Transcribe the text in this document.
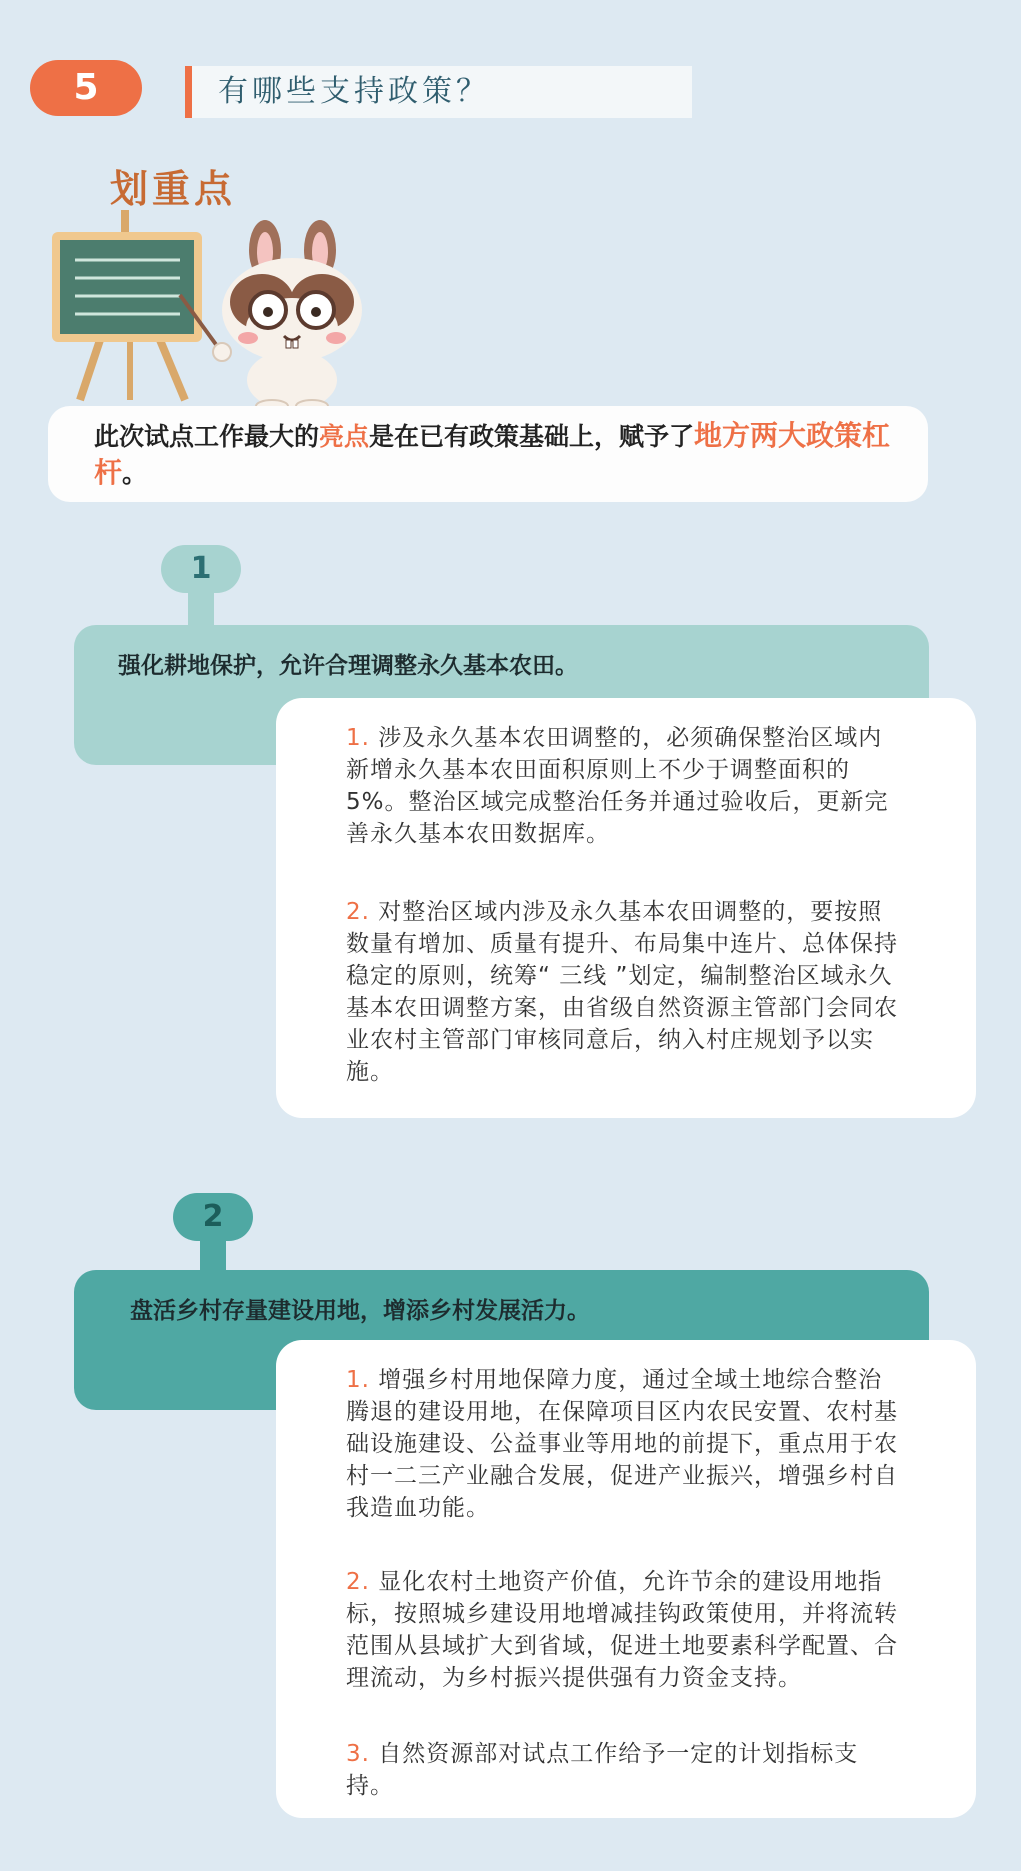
5	有哪些支持政策？
划重点
此次试点工作最大的亮点是在已有政策基础上，赋予了地方两大政策杠杆。
1
强化耕地保护，允许合理调整永久基本农田。
1. 涉及永久基本农田调整的，必须确保整治区域内新增永久基本农田面积原则上不少于调整面积的 5%。整治区域完成整治任务并通过验收后，更新完善永久基本农田数据库。
2. 对整治区域内涉及永久基本农田调整的，要按照数量有增加、质量有提升、布局集中连片、总体保持稳定的原则，统筹“ 三线 ”划定，编制整治区域永久基本农田调整方案，由省级自然资源主管部门会同农业农村主管部门审核同意后，纳入村庄规划予以实施。
2
盘活乡村存量建设用地，增添乡村发展活力。
1. 增强乡村用地保障力度，通过全域土地综合整治腾退的建设用地，在保障项目区内农民安置、农村基础设施建设、公益事业等用地的前提下，重点用于农村一二三产业融合发展，促进产业振兴，增强乡村自我造血功能。
2. 显化农村土地资产价值，允许节余的建设用地指标，按照城乡建设用地增减挂钩政策使用，并将流转范围从县域扩大到省域，促进土地要素科学配置、合理流动，为乡村振兴提供强有力资金支持。
3. 自然资源部对试点工作给予一定的计划指标支持。
